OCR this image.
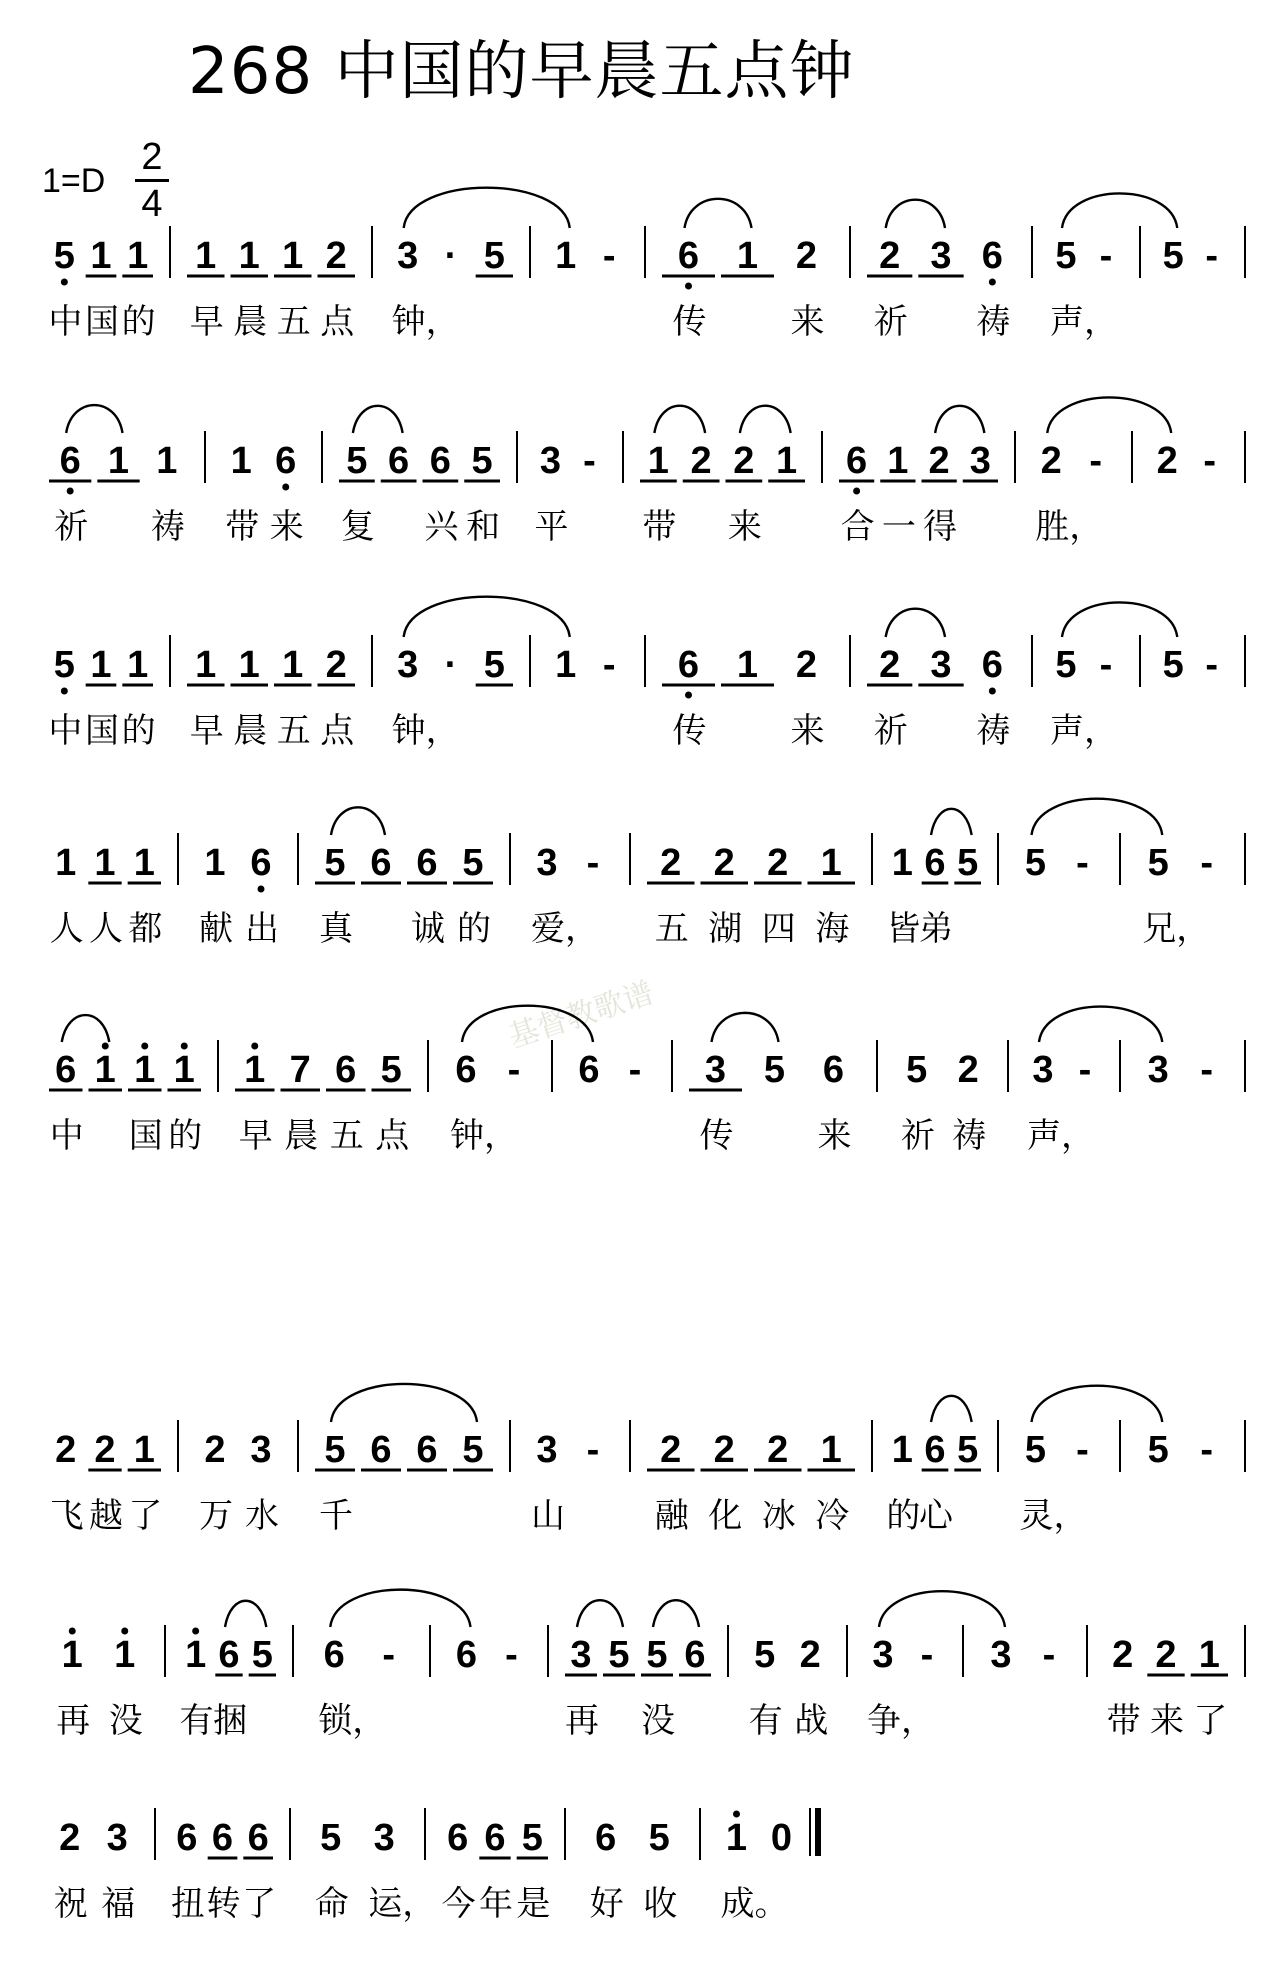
268 中国的早晨五点钟
1=D
2
4
基督教歌谱
5
中
1
国
1
的
1
早
1
晨
1
五
2
点
3
钟，
· 5 1 - 6
传
1 2
来
2
祈
3 6
祷
5
声，
- 5 -
6
祈
1 1
祷
1
带
6
来
5
复
6 6
兴
5
和
3
平
- 1
带
2 2
来
1 6
合
1
一
2
得
3 2
胜，
- 2 -
5
中
1
国
1
的
1
早
1
晨
1
五
2
点
3
钟，
· 5 1 - 6
传
1 2
来
2
祈
3 6
祷
5
声，
- 5 -
1
人
1
人
1
都
1
献
6
出
5
真
6 6
诚
5
的
3
爱，
- 2
五
2
湖
2
四
1
海
1
皆
6
弟
5 5 - 5
兄，
-
6
中
1 1
国
1
的
1
早
7
晨
6
五
5
点
6
钟，
- 6 - 3
传
5 6
来
5
祈
2
祷
3
声，
- 3 -
2
飞
2
越
1
了
2
万
3
水
5
千
6 6 5 3
山
- 2
融
2
化
2
冰
1
冷
1
的
6
心
5 5
灵，
- 5 -
1
再
1
没
1
有
6
捆
5 6
锁，
- 6 - 3
再
5 5
没
6 5
有
2
战
3
争，
- 3 - 2
带
2
来
1
了
2
祝
3
福
6
扭
6
转
6
了
5
命
3
运，
6
今
6
年
5
是
6
好
5
收
1
成。
0
